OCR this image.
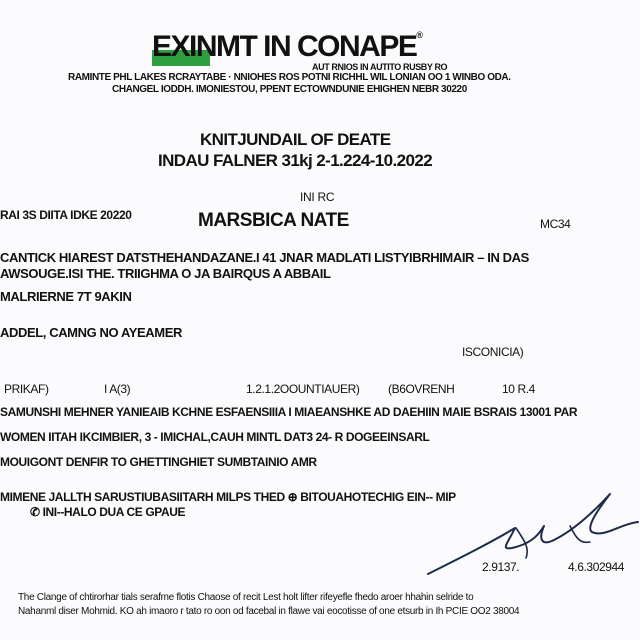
EXINMT IN CONAPE®
AUT RNIOS IN AUTITO RUSBY RO
RAMINTE PHL LAKES RCRAYTABE · NNIOHES ROS POTNI RICHHL WIL LONIAN OO 1 WINBO ODA.
CHANGEL IODDH. IMONIESTOU, PPENT ECTOWNDUNIE EHIGHEN NEBR 30220
KNITJUNDAIL OF DEATE
INDAU FALNER 31kj 2-1.224-10.2022
INI RC
RAI 3S DIITA IDKE 20220	MARSBICA NATE	MC34
CANTICK HIARESТ DATSTHEHANDAZANE.I 41 JNAR MADLATI LISTYIBRHIMAIR – IN DAS
AWSOUGE.ISI THE. TRIIGHMA O JA BAIRQUS A ABBAIL
MALRIERNE 7T 9AKIN
ADDEL, CAMNG NO AYEAMER
ISCONICIA)
PRIKAF)	I A(3)	1.2.1.2OOUNTIAUER) (B6OVRENH	10 R.4
SAMUNSHI MEHNER YANIEAIB KCHNE ESFAENSIIIA I MIAEANSHKE AD DAEHIIN MAIE BSRAIS 13001 PAR
WOMEN IITAH IKCIMBIER, 3 - IMICHAL,CAUH MINTL DAT3 24- R DOGEEINSARL
MOUIGONT DENFIR TO GHETTINGHIET SUMBTAINIO AMR
MIMENE JALLTH SARUSTIUBASIITARH MILPS THED ⊕ BITOUAHOTECHIG EIN-- MIP
✆ INI--HALO DUA CE GPAUE
2.9137.	4.6.302944
The Clange of chtirorhar tials serafme flotis Chaose of recit Lest holt lifter rifeyefle fhedo aroer hhahin selride to
Nahanml diser Mohmid. KO ah imaoro r tato ro oon od facebal in flawe vai eocotisse of one etsurb in Ih PCIE OO2 38004
